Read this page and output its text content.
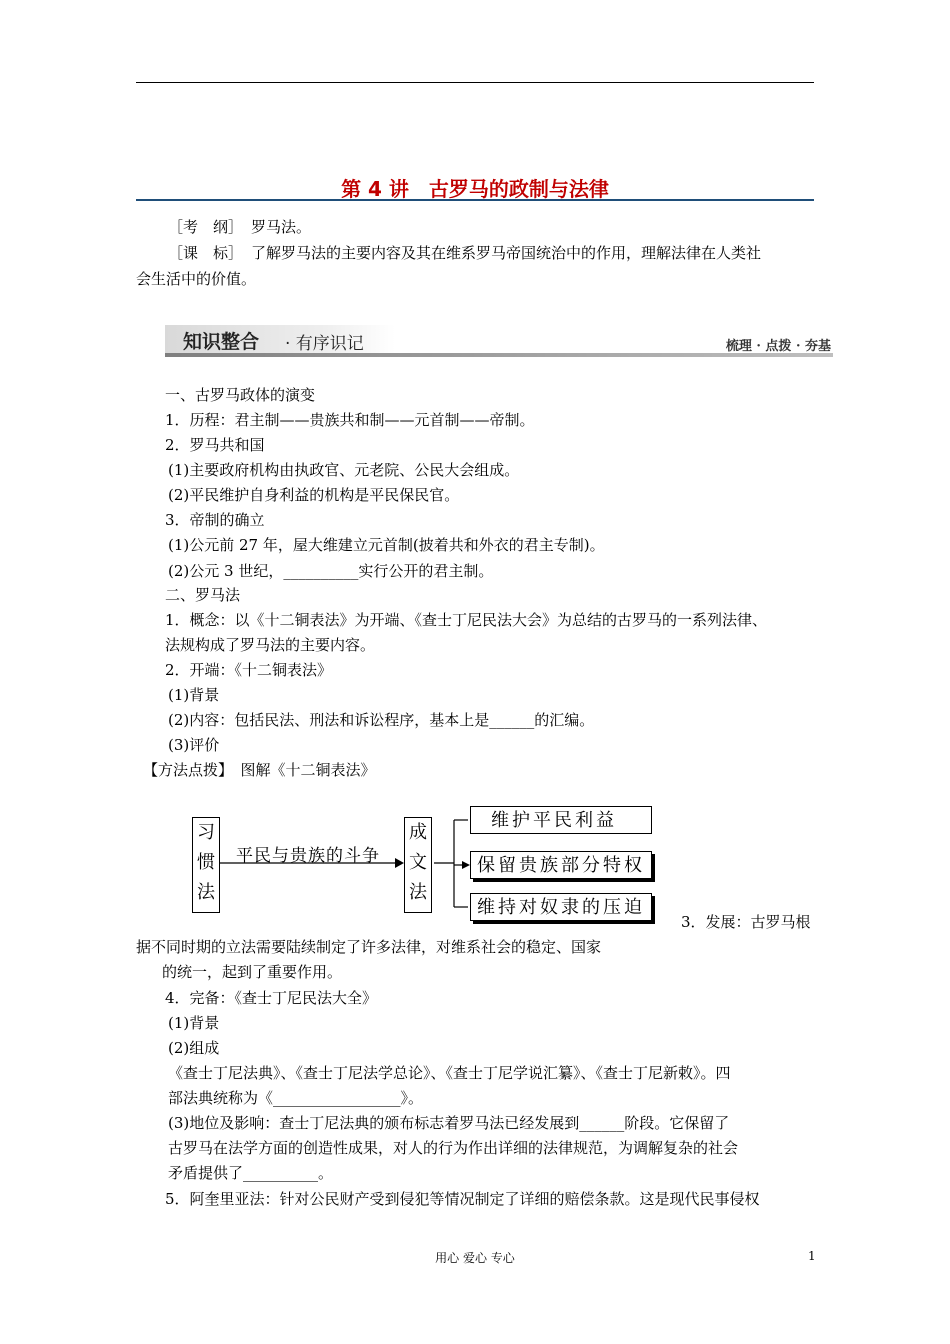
第 4 讲　古罗马的政制与法律
［考　纲］ 罗马法。
［课　标］ 了解罗马法的主要内容及其在维系罗马帝国统治中的作用，理解法律在人类社
会生活中的价值。
知识整合 · 有序识记	梳理 · 点拨 · 夯基
一、古罗马政体的演变
1．历程：君主制——贵族共和制——元首制——帝制。
2．罗马共和国
(1)主要政府机构由执政官、元老院、公民大会组成。
(2)平民维护自身利益的机构是平民保民官。
3．帝制的确立
(1)公元前 27 年，屋大维建立元首制(披着共和外衣的君主专制)。
(2)公元 3 世纪，__________实行公开的君主制。
二、罗马法
1．概念：以《十二铜表法》为开端、《查士丁尼民法大会》为总结的古罗马的一系列法律、
法规构成了罗马法的主要内容。
2．开端：《十二铜表法》
(1)背景
(2)内容：包括民法、刑法和诉讼程序，基本上是______的汇编。
(3)评价
【方法点拨】　图解《十二铜表法》
习
惯
法
平民与贵族的斗争
成
文
法
维护平民利益
保留贵族部分特权
维持对奴隶的压迫
3．发展：古罗马根
据不同时期的立法需要陆续制定了许多法律，对维系社会的稳定、国家
的统一，起到了重要作用。
4．完备：《查士丁尼民法大全》
(1)背景
(2)组成
《查士丁尼法典》、《查士丁尼法学总论》、《查士丁尼学说汇纂》、《查士丁尼新敕》。四
部法典统称为《_________________》。
(3)地位及影响：查士丁尼法典的颁布标志着罗马法已经发展到______阶段。它保留了
古罗马在法学方面的创造性成果，对人的行为作出详细的法律规范，为调解复杂的社会
矛盾提供了__________。
5．阿奎里亚法：针对公民财产受到侵犯等情况制定了详细的赔偿条款。这是现代民事侵权
用心 爱心 专心	1
